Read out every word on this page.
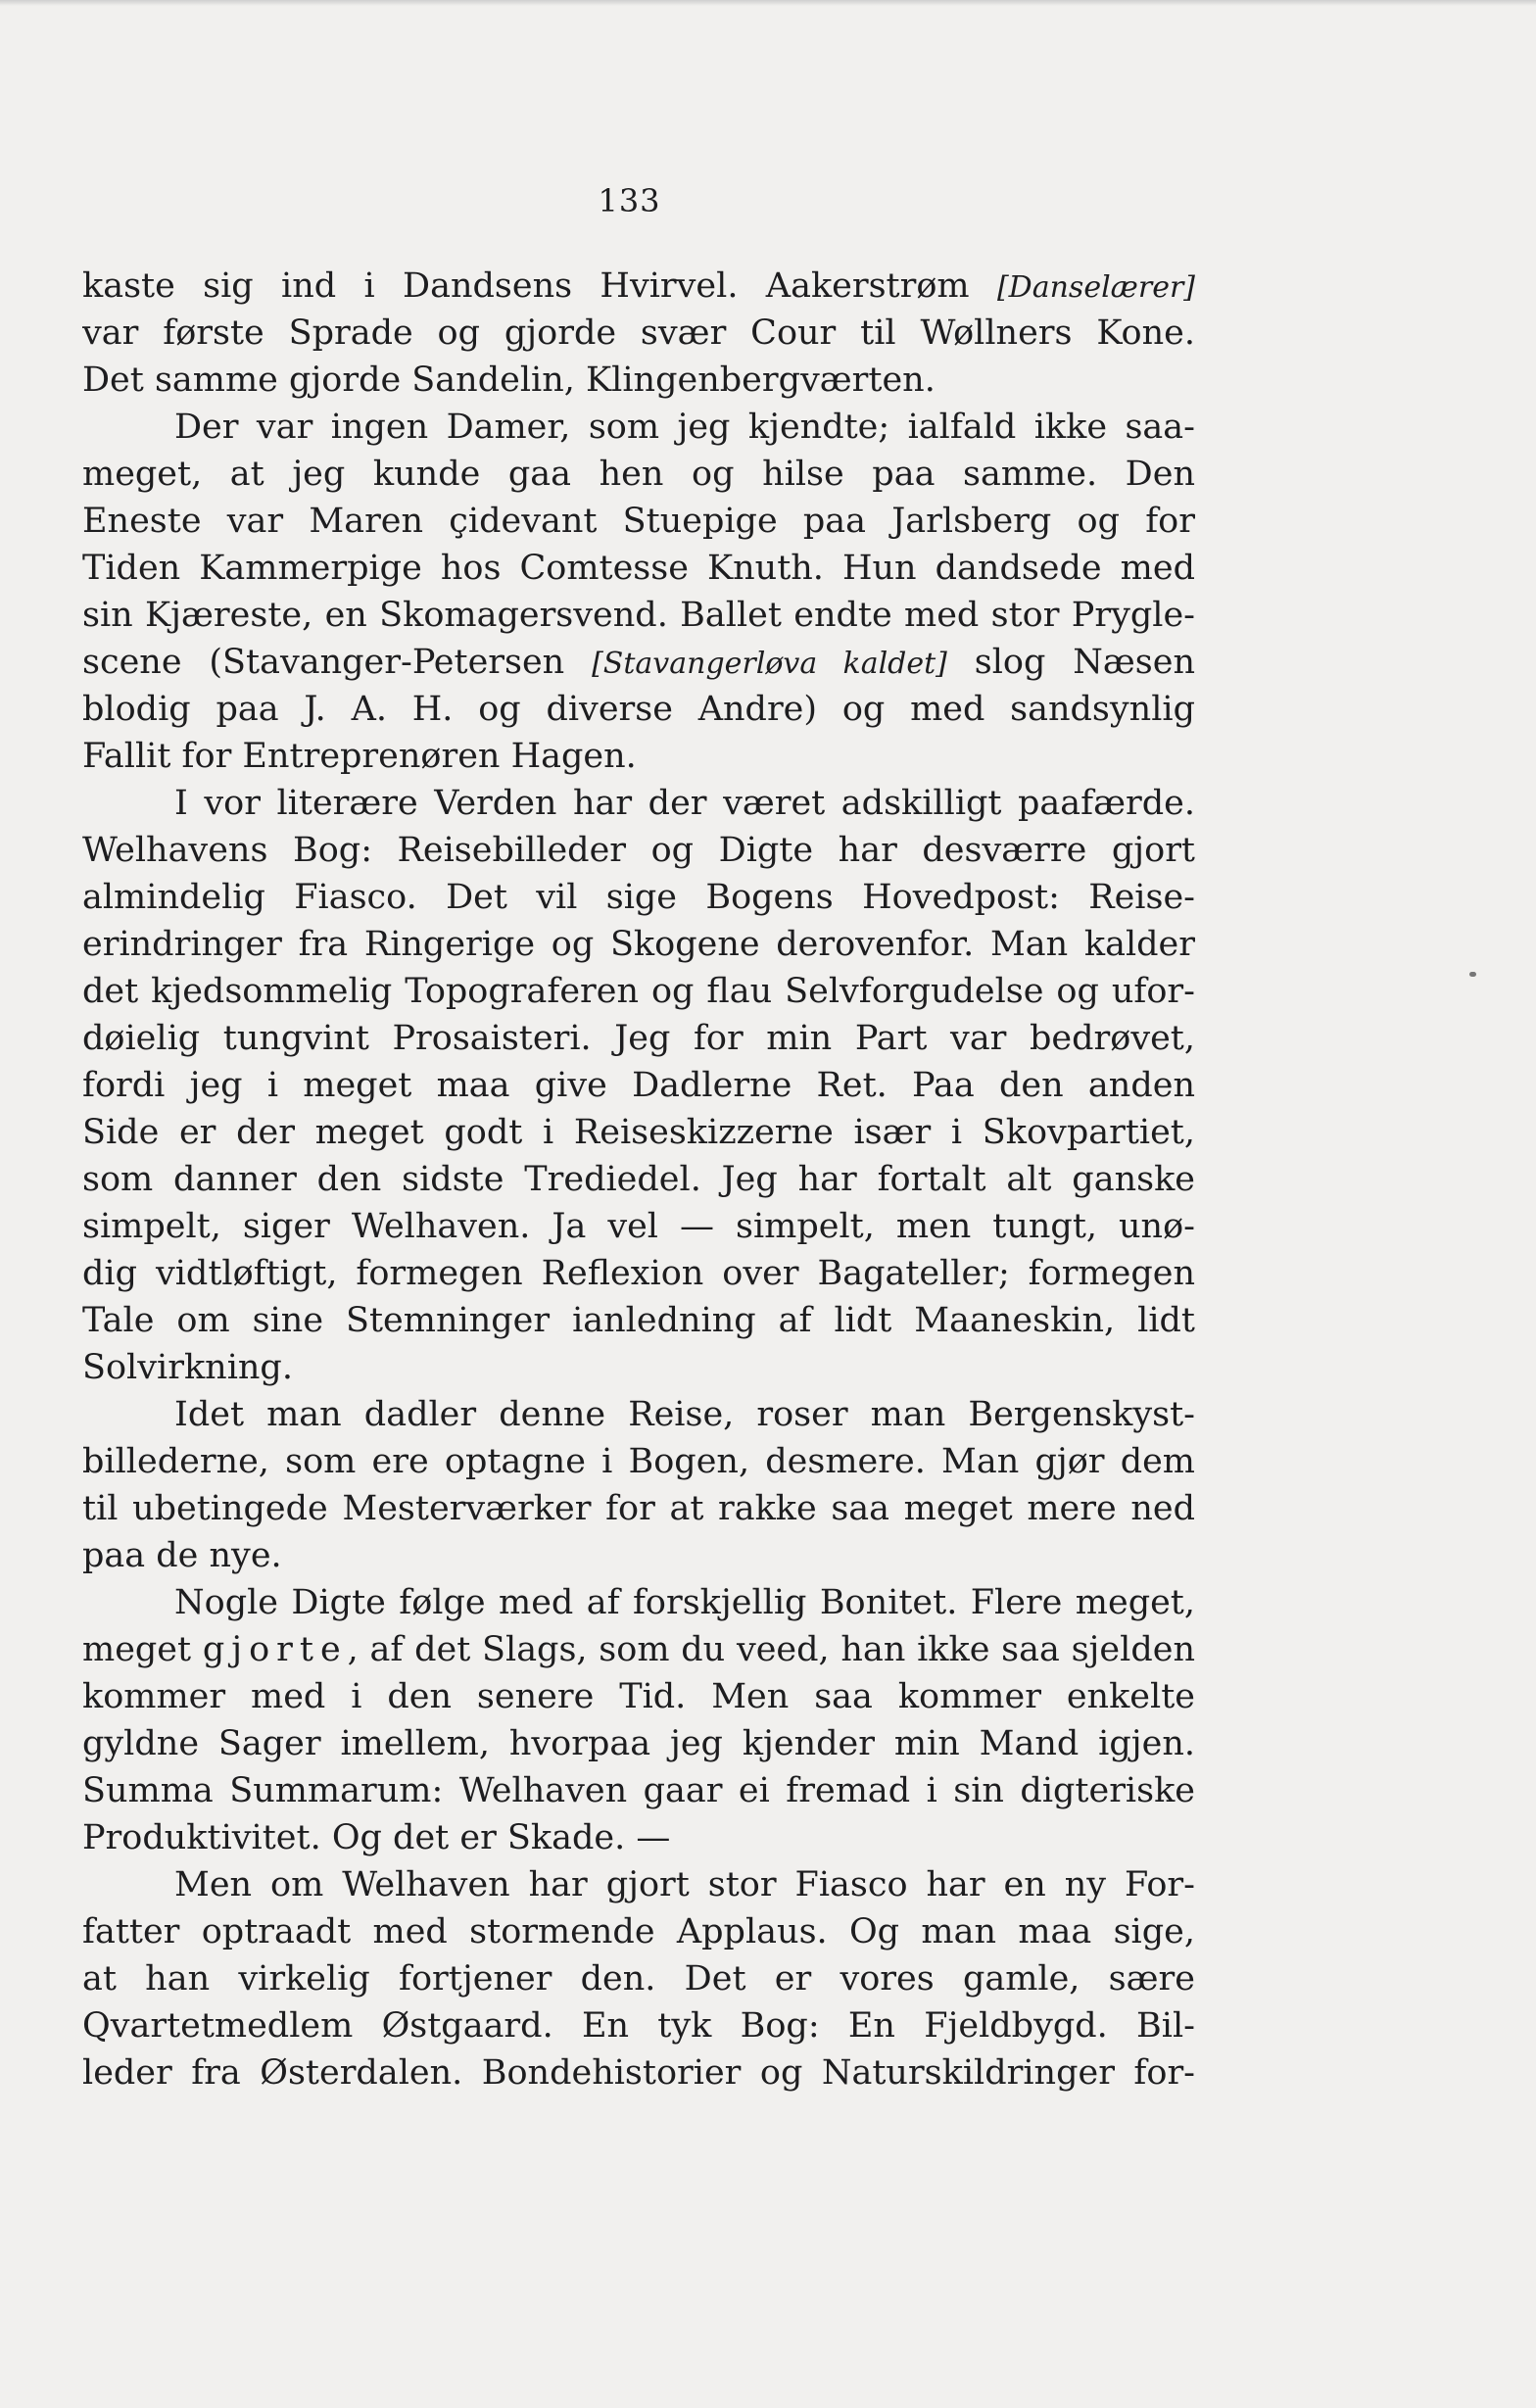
133
kaste sig ind i Dandsens Hvirvel. Aakerstrøm [Danselærer]
var første Sprade og gjorde svær Cour til Wøllners Kone.
Det samme gjorde Sandelin, Klingenbergværten.
Der var ingen Damer, som jeg kjendte; ialfald ikke saa-
meget, at jeg kunde gaa hen og hilse paa samme. Den
Eneste var Maren çidevant Stuepige paa Jarlsberg og for
Tiden Kammerpige hos Comtesse Knuth. Hun dandsede med
sin Kjæreste, en Skomagersvend. Ballet endte med stor Prygle-
scene (Stavanger-Petersen [Stavangerløva kaldet] slog Næsen
blodig paa J. A. H. og diverse Andre) og med sandsynlig
Fallit for Entreprenøren Hagen.
I vor literære Verden har der været adskilligt paafærde.
Welhavens Bog: Reisebilleder og Digte har desværre gjort
almindelig Fiasco. Det vil sige Bogens Hovedpost: Reise-
erindringer fra Ringerige og Skogene derovenfor. Man kalder
det kjedsommelig Topograferen og flau Selvforgudelse og ufor-
døielig tungvint Prosaisteri. Jeg for min Part var bedrøvet,
fordi jeg i meget maa give Dadlerne Ret. Paa den anden
Side er der meget godt i Reiseskizzerne især i Skovpartiet,
som danner den sidste Trediedel. Jeg har fortalt alt ganske
simpelt, siger Welhaven. Ja vel — simpelt, men tungt, unø-
dig vidtløftigt, formegen Reflexion over Bagateller; formegen
Tale om sine Stemninger ianledning af lidt Maaneskin, lidt
Solvirkning.
Idet man dadler denne Reise, roser man Bergenskyst-
billederne, som ere optagne i Bogen, desmere. Man gjør dem
til ubetingede Mesterværker for at rakke saa meget mere ned
paa de nye.
Nogle Digte følge med af forskjellig Bonitet. Flere meget,
meget gjorte, af det Slags, som du veed, han ikke saa sjelden
kommer med i den senere Tid. Men saa kommer enkelte
gyldne Sager imellem, hvorpaa jeg kjender min Mand igjen.
Summa Summarum: Welhaven gaar ei fremad i sin digteriske
Produktivitet. Og det er Skade. —
Men om Welhaven har gjort stor Fiasco har en ny For-
fatter optraadt med stormende Applaus. Og man maa sige,
at han virkelig fortjener den. Det er vores gamle, sære
Qvartetmedlem Østgaard. En tyk Bog: En Fjeldbygd. Bil-
leder fra Østerdalen. Bondehistorier og Naturskildringer for-
